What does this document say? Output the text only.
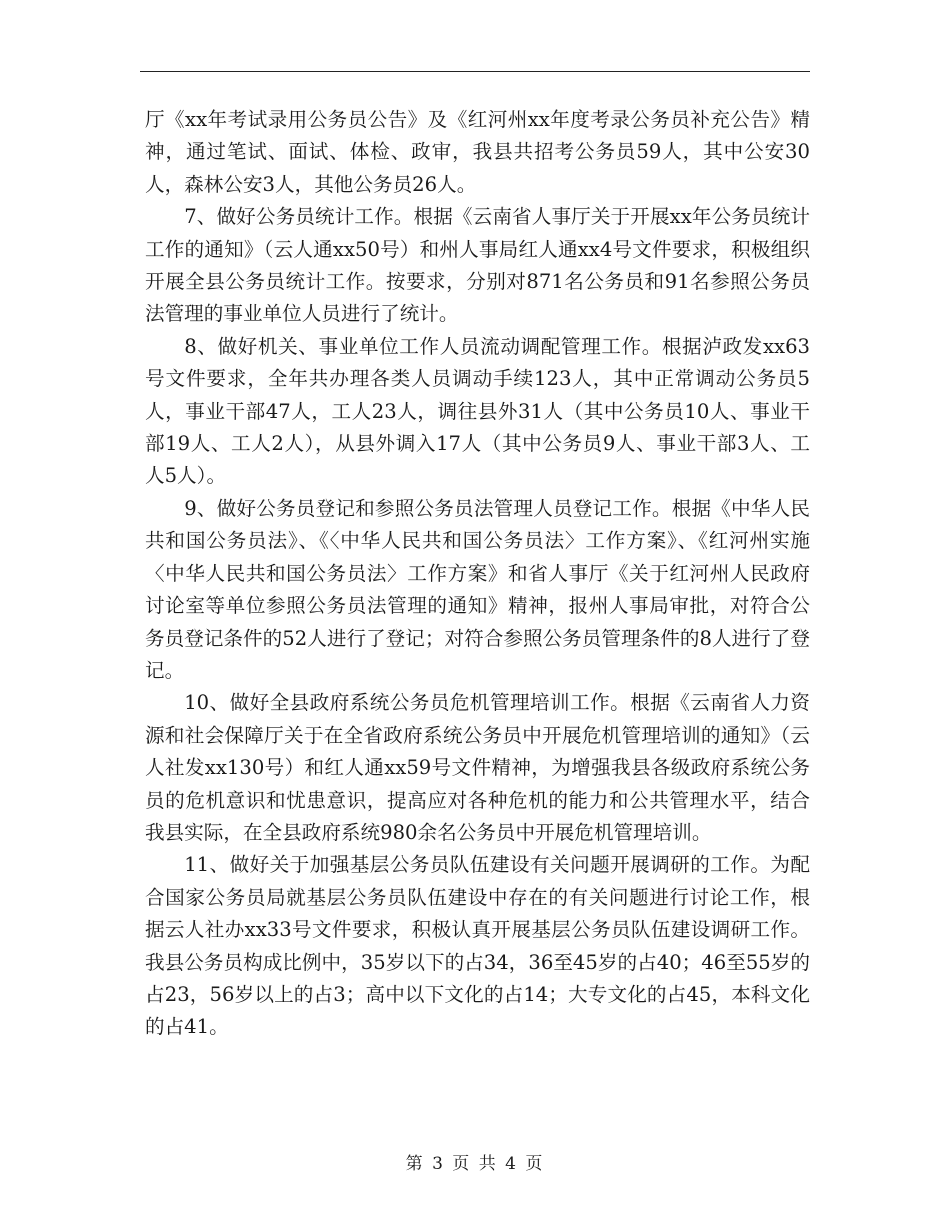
厅《xx年考试录用公务员公告》及《红河州xx年度考录公务员补充公告》精神，通过笔试、面试、体检、政审，我县共招考公务员59人，其中公安30人，森林公安3人，其他公务员26人。

7、做好公务员统计工作。根据《云南省人事厅关于开展xx年公务员统计工作的通知》（云人通xx50号）和州人事局红人通xx4号文件要求，积极组织开展全县公务员统计工作。按要求，分别对871名公务员和91名参照公务员法管理的事业单位人员进行了统计。

8、做好机关、事业单位工作人员流动调配管理工作。根据泸政发xx63号文件要求，全年共办理各类人员调动手续123人，其中正常调动公务员5人，事业干部47人，工人23人，调往县外31人（其中公务员10人、事业干部19人、工人2人），从县外调入17人（其中公务员9人、事业干部3人、工人5人）。

9、做好公务员登记和参照公务员法管理人员登记工作。根据《中华人民共和国公务员法》、《〈中华人民共和国公务员法〉工作方案》、《红河州实施〈中华人民共和国公务员法〉工作方案》和省人事厅《关于红河州人民政府讨论室等单位参照公务员法管理的通知》精神，报州人事局审批，对符合公务员登记条件的52人进行了登记；对符合参照公务员管理条件的8人进行了登记。

10、做好全县政府系统公务员危机管理培训工作。根据《云南省人力资源和社会保障厅关于在全省政府系统公务员中开展危机管理培训的通知》（云人社发xx130号）和红人通xx59号文件精神，为增强我县各级政府系统公务员的危机意识和忧患意识，提高应对各种危机的能力和公共管理水平，结合我县实际，在全县政府系统980余名公务员中开展危机管理培训。

11、做好关于加强基层公务员队伍建设有关问题开展调研的工作。为配合国家公务员局就基层公务员队伍建设中存在的有关问题进行讨论工作，根据云人社办xx33号文件要求，积极认真开展基层公务员队伍建设调研工作。我县公务员构成比例中，35岁以下的占34，36至45岁的占40；46至55岁的占23，56岁以上的占3；高中以下文化的占14；大专文化的占45，本科文化的占41。

第 3 页 共 4 页
